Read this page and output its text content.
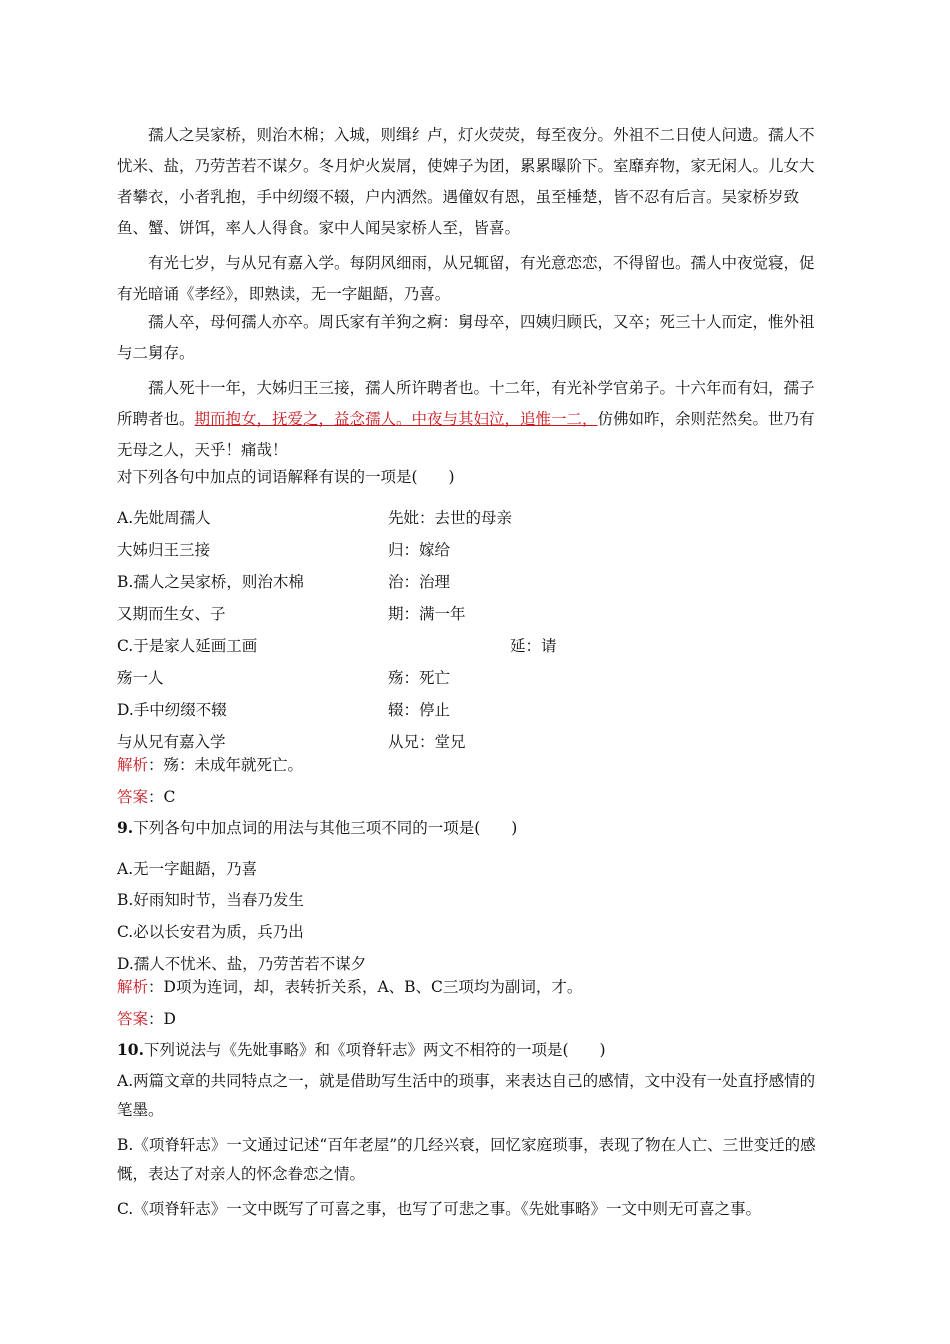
孺人之吴家桥，则治木棉；入城，则缉纟卢，灯火荧荧，每至夜分。外祖不二日使人问遗。孺人不忧米、盐，乃劳苦若不谋夕。冬月炉火炭屑，使婢子为团，累累曝阶下。室靡弃物，家无闲人。儿女大者攀衣，小者乳抱，手中纫缀不辍，户内洒然。遇僮奴有恩，虽至棰楚，皆不忍有后言。吴家桥岁致鱼、蟹、饼饵，率人人得食。家中人闻吴家桥人至，皆喜。

有光七岁，与从兄有嘉入学。每阴风细雨，从兄辄留，有光意恋恋，不得留也。孺人中夜觉寝，促有光暗诵《孝经》，即熟读，无一字龃龉，乃喜。

孺人卒，母何孺人亦卒。周氏家有羊狗之痾：舅母卒，四姨归顾氏，又卒；死三十人而定，惟外祖与二舅存。

孺人死十一年，大姊归王三接，孺人所许聘者也。十二年，有光补学官弟子。十六年而有妇，孺子所聘者也。期而抱女，抚爱之，益念孺人。中夜与其妇泣，追惟一二，仿佛如昨，余则茫然矣。世乃有无母之人，天乎！痛哉！

对下列各句中加点的词语解释有误的一项是(　　)

A.先妣周孺人	先妣：去世的母亲

大姊归王三接	归：嫁给

B.孺人之吴家桥，则治木棉	治：治理

又期而生女、子	期：满一年

C.于是家人延画工画	延：请

殇一人	殇：死亡

D.手中纫缀不辍	辍：停止

与从兄有嘉入学	从兄：堂兄

解析：殇：未成年就死亡。

答案：C

9.下列各句中加点词的用法与其他三项不同的一项是(　　)

A.无一字龃龉，乃喜

B.好雨知时节，当春乃发生

C.必以长安君为质，兵乃出

D.孺人不忧米、盐，乃劳苦若不谋夕

解析：D项为连词，却，表转折关系，A、B、C三项均为副词，才。

答案：D

10.下列说法与《先妣事略》和《项脊轩志》两文不相符的一项是(　　)

A.两篇文章的共同特点之一，就是借助写生活中的琐事，来表达自己的感情，文中没有一处直抒感情的笔墨。

B.《项脊轩志》一文通过记述“百年老屋”的几经兴衰，回忆家庭琐事，表现了物在人亡、三世变迁的感慨，表达了对亲人的怀念眷恋之情。

C.《项脊轩志》一文中既写了可喜之事，也写了可悲之事。《先妣事略》一文中则无可喜之事。
